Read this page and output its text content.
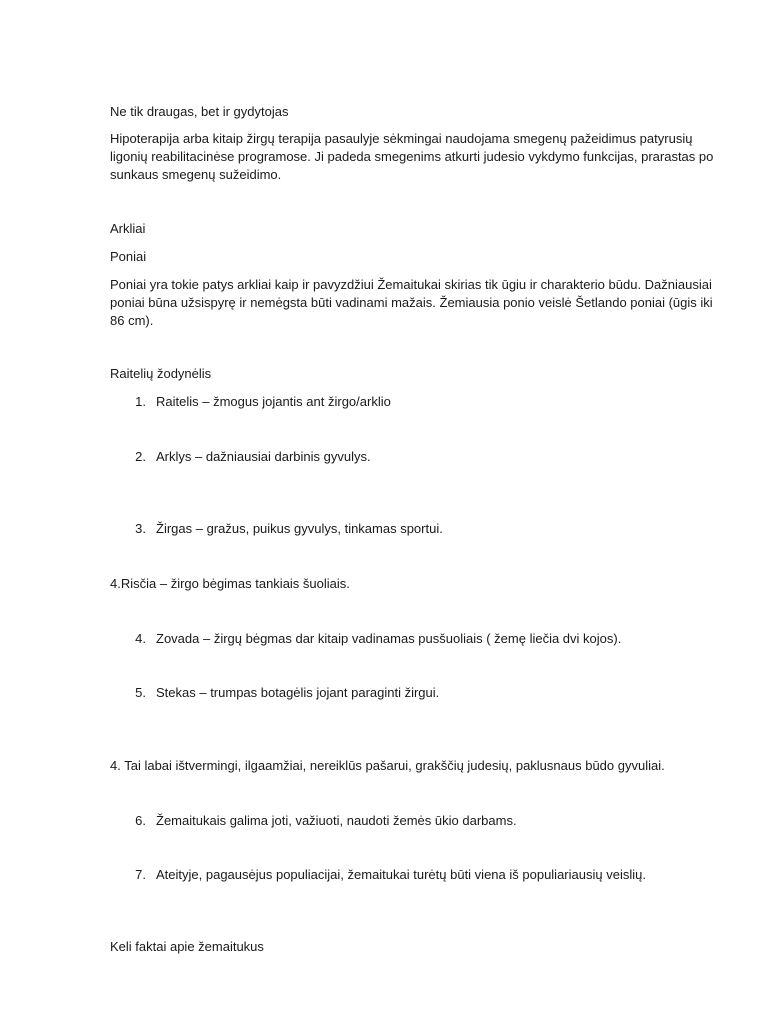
Ne tik draugas, bet ir gydytojas
Hipoterapija arba kitaip žirgų terapija pasaulyje sėkmingai naudojama smegenų pažeidimus patyrusių ligonių reabilitacinėse programose. Ji padeda smegenims atkurti judesio vykdymo funkcijas, prarastas po sunkaus smegenų sužeidimo.
Arkliai
Poniai
Poniai yra tokie patys arkliai kaip ir pavyzdžiui Žemaitukai skirias tik ūgiu ir charakterio būdu. Dažniausiai poniai būna užsispyrę ir nemėgsta būti vadinami mažais. Žemiausia ponio veislė Šetlando poniai (ūgis iki 86 cm).
Raitelių žodynėlis
1. Raitelis – žmogus jojantis ant žirgo/arklio
2. Arklys – dažniausiai darbinis gyvulys.
3. Žirgas – gražus, puikus gyvulys, tinkamas sportui.
4.Risčia – žirgo bėgimas tankiais šuoliais.
4. Zovada – žirgų bėgmas dar kitaip vadinamas pusšuoliais ( žemę liečia dvi kojos).
5. Stekas – trumpas botagėlis jojant paraginti žirgui.
4. Tai labai ištvermingi, ilgaamžiai, nereiklūs pašarui, grakščių judesių, paklusnaus būdo gyvuliai.
6. Žemaitukais galima joti, važiuoti, naudoti žemės ūkio darbams.
7. Ateityje, pagausėjus populiacijai, žemaitukai turėtų būti viena iš populiariausių veislių.
Keli faktai apie žemaitukus
